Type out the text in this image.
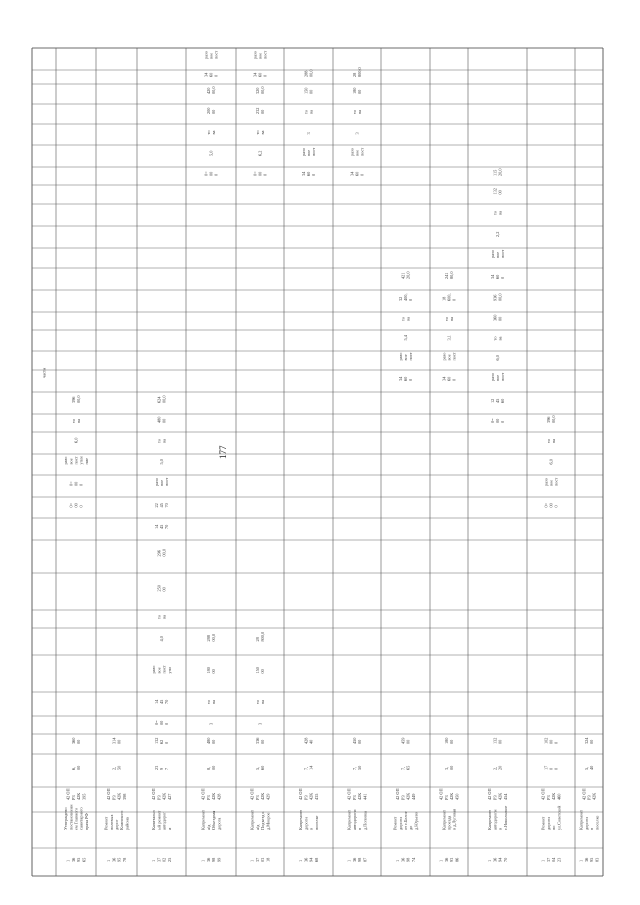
177
1369565
Утвержденопостановлением Главногосанитарноговрача РФ
42 ОПРЗ42К395
6,00
36000
0=000
0=000
рaзовоепоcтупление
6,0
това
39600,0
1369578
РемонтполевыхдорогКлинскогорайона
42 ОПРЗ42К398
2,50
31400
1370225
Капитальный ремонтавтодороги
42 ОПРЗ42К427
2397
132620
0=000
144570
рaзовоепоcтупл
4,0
това
25000
29600,0
144570
224570
рaзовоепоcт
5,0
това
48000
62400,0
1369899
Капремонта/дОбъезднаядорога
42 ОПРЗ42К428
8,00
48000
0=000
5,0
това
20000
42000,0
34600
рaзовоепоcт
3
това
18000
28800,0
1370318
Капремонта/дПодъезд кд.Мокрое
42 ОПРЗ42К429
5,60
33600
0=000
6,2
това
23200
32000,0
34600
рaзовоепоcт
3
това
15000
28800,0
1369468
Капремонтдорогивпоселке
42 ОПРЗ42К435
7,14
42840
34600
рaзовоепоcт
3
това
15000
28800,0
1369887
Капремонтавтодорогивд.Поповка
42 ОПРЗ42К441
7,50
45000
34600
рaзовоепоcт
3
това
18000
28800,0
1369874
Ремонтдорогиот с.Белоедод.Юрьево
42 ОПРЗ42К449
7,65
45900
34600
рaзовоепоcт
5,4
това
32400,0
42120,0
1369386
Капремонтпроездав д.Луговая
42 ОПРЗ42К450
3,00
18000
34600
рaзовоепоcт
3,1
това
18600,0
24180,0
1369470
Капремонтавтодорогивс.Никольское
42 ОПРЗ42К454
2,20
13200
0=000
124560
рaзовоепоcт
6,0
това
36000
93600,0
34600
рaзовоепоcт
2,2
това
13200
11520,0
1370423
Ремонтдорогипоул.Советской
42 ОПРЗ42К460
1700
102000
0=000
рaзовоепоcт
6,0
това
39600,0
1369583
Капремонтдорогивпоселке
42 ОПРЗ42К
5,40
32400
части
